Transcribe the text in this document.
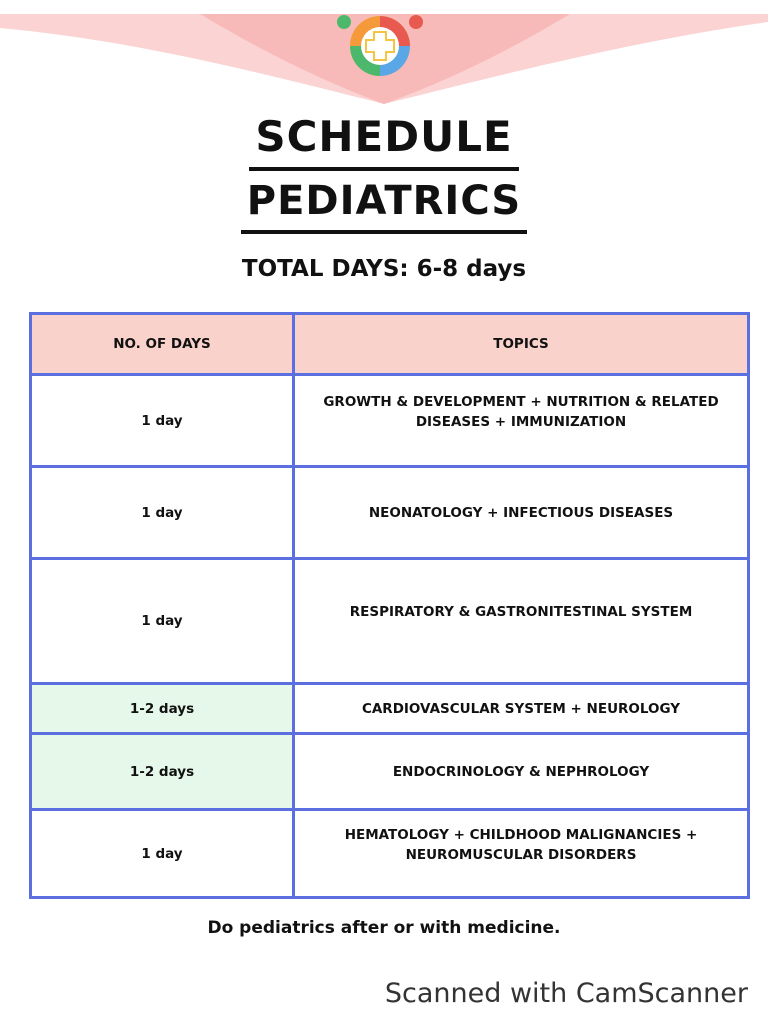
SCHEDULE
PEDIATRICS
TOTAL DAYS: 6-8 days
NO. OF DAYS	TOPICS
1 day	GROWTH & DEVELOPMENT + NUTRITION & RELATED DISEASES + IMMUNIZATION
1 day	NEONATOLOGY + INFECTIOUS DISEASES
1 day	RESPIRATORY & GASTRONITESTINAL SYSTEM
1-2 days	CARDIOVASCULAR SYSTEM + NEUROLOGY
1-2 days	ENDOCRINOLOGY & NEPHROLOGY
1 day	HEMATOLOGY + CHILDHOOD MALIGNANCIES + NEUROMUSCULAR DISORDERS
Do pediatrics after or with medicine.
Scanned with CamScanner
